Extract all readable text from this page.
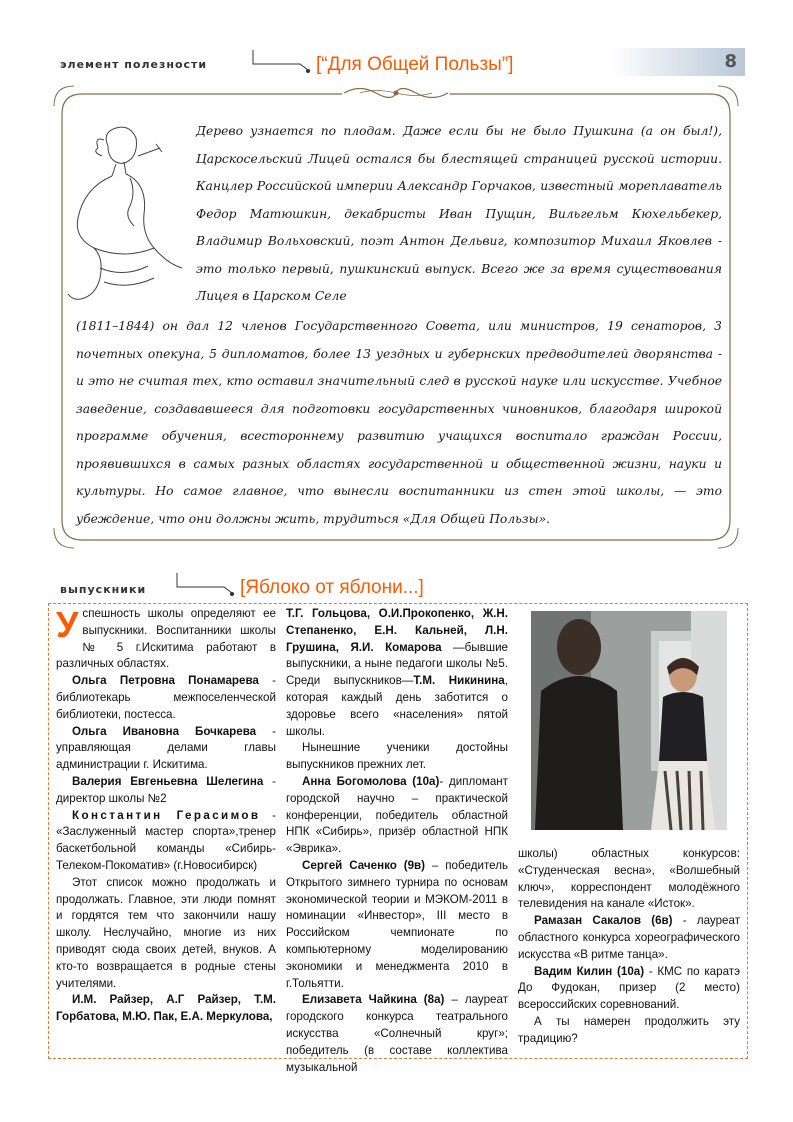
элемент полезности	[“Для Общей Пользы”]	8

Дерево узнается по плодам. Даже если бы не было Пушкина (а он был!), Царскосельский Лицей остался бы блестящей страницей русской истории. Канцлер Российской империи Александр Горчаков, известный мореплаватель Федор Матюшкин, декабристы Иван Пущин, Вильгельм Кюхельбекер, Владимир Вольховский, поэт Антон Дельвиг, композитор Михаил Яковлев - это только первый, пушкинский выпуск. Всего же за время существования Лицея в Царском Селе

(1811–1844) он дал 12 членов Государственного Совета, или министров, 19 сенаторов, 3 почетных опекуна, 5 дипломатов, более 13 уездных и губернских предводителей дворянства - и это не считая тех, кто оставил значительный след в русской науке или искусстве. Учебное заведение, создававшееся для подготовки государственных чиновников, благодаря широкой программе обучения, всестороннему развитию учащихся воспитало граждан России, проявившихся в самых разных областях государственной и общественной жизни, науки и культуры. Но самое главное, что вынесли воспитанники из стен этой школы, — это убеждение, что они должны жить, трудиться «Для Общей Пользы».

выпускники	[Яблоко от яблони...]

Успешность школы определяют ее выпускники. Воспитанники школы № 5 г.Искитима работают в различных областях.

Ольга Петровна Понамарева - библиотекарь межпоселенческой библиотеки, постесса.

Ольга Ивановна Бочкарева - управляющая делами главы администрации г. Искитима.

Валерия Евгеньевна Шелегина - директор школы №2

Константин Герасимов - «Заслуженный мастер спорта»,тренер баскетбольной команды «Сибирь-Телеком-Покоматив» (г.Новосибирск)

Этот список можно продолжать и продолжать. Главное, эти люди помнят и гордятся тем что закончили нашу школу. Неслучайно, многие из них приводят сюда своих детей, внуков. А кто-то возвращается в родные стены учителями.

И.М. Райзер, А.Г Райзер, Т.М. Горбатова, М.Ю. Пак, Е.А. Меркулова,

Т.Г. Гольцова, О.И.Прокопенко, Ж.Н. Степаненко, Е.Н. Кальней, Л.Н. Грушина, Я.И. Комарова —бывшие выпускники, а ныне педагоги школы №5. Среди выпускников—Т.М. Никинина, которая каждый день заботится о здоровье всего «населения» пятой школы.

Нынешние ученики достойны выпускников прежних лет.

Анна Богомолова (10а)- дипломант городской научно – практической конференции, победитель областной НПК «Сибирь», призёр областной НПК «Эврика».

Сергей Саченко (9в) – победитель Открытого зимнего турнира по основам экономической теории и МЭКОМ-2011 в номинации «Инвестор», III место в Российском чемпионате по компьютерному моделированию экономики и менеджмента 2010 в г.Тольятти.

Елизавета Чайкина (8а) – лауреат городского конкурса театрального искусства «Солнечный круг»; победитель (в составе коллектива музыкальной

школы) областных конкурсов: «Студенческая весна», «Волшебный ключ», корреспондент молодёжного телевидения на канале «Исток».

Рамазан Сакалов (6в) - лауреат областного конкурса хореографического искусства «В ритме танца».

Вадим Килин (10а) - КМС по каратэ До Фудокан, призер (2 место) всероссийских соревнований.

А ты намерен продолжить эту традицию?
